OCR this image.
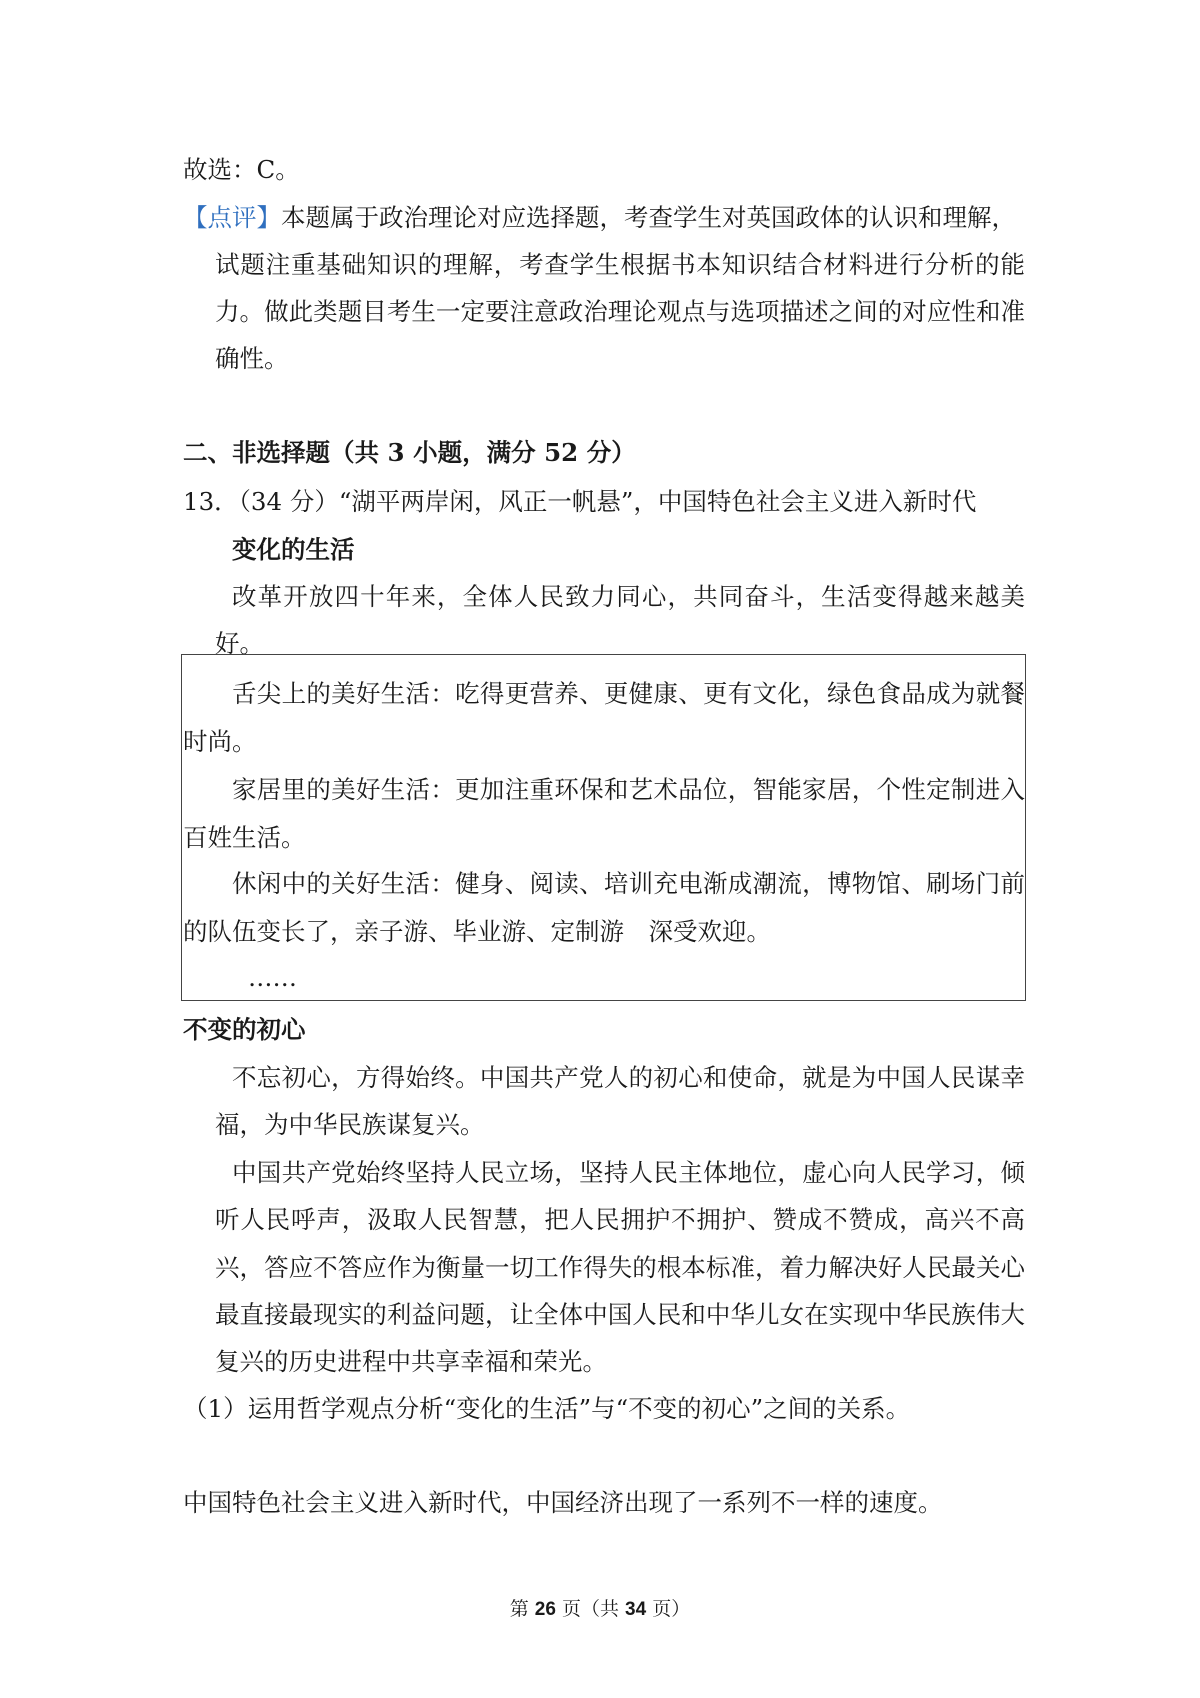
故选：C。
【点评】本题属于政治理论对应选择题，考查学生对英国政体的认识和理解，
试题注重基础知识的理解，考查学生根据书本知识结合材料进行分析的能
力。做此类题目考生一定要注意政治理论观点与选项描述之间的对应性和准
确性。
二、非选择题（共 3 小题，满分 52 分）
13．（34 分）“湖平两岸闲，风正一帆悬”，中国特色社会主义进入新时代
变化的生活
改革开放四十年来，全体人民致力同心，共同奋斗，生活变得越来越美
好。
舌尖上的美好生活：吃得更营养、更健康、更有文化，绿色食品成为就餐
时尚。
家居里的美好生活：更加注重环保和艺术品位，智能家居，个性定制进入
百姓生活。
休闲中的关好生活：健身、阅读、培训充电渐成潮流，博物馆、刷场门前
的队伍变长了，亲子游、毕业游、定制游　深受欢迎。
……
不变的初心
不忘初心，方得始终。中国共产党人的初心和使命，就是为中国人民谋幸
福，为中华民族谋复兴。
中国共产党始终坚持人民立场，坚持人民主体地位，虚心向人民学习，倾
听人民呼声，汲取人民智慧，把人民拥护不拥护、赞成不赞成，高兴不高
兴，答应不答应作为衡量一切工作得失的根本标准，着力解决好人民最关心
最直接最现实的利益问题，让全体中国人民和中华儿女在实现中华民族伟大
复兴的历史进程中共享幸福和荣光。
（1）运用哲学观点分析“变化的生活”与“不变的初心”之间的关系。
中国特色社会主义进入新时代，中国经济出现了一系列不一样的速度。
第 26 页（共 34 页）
